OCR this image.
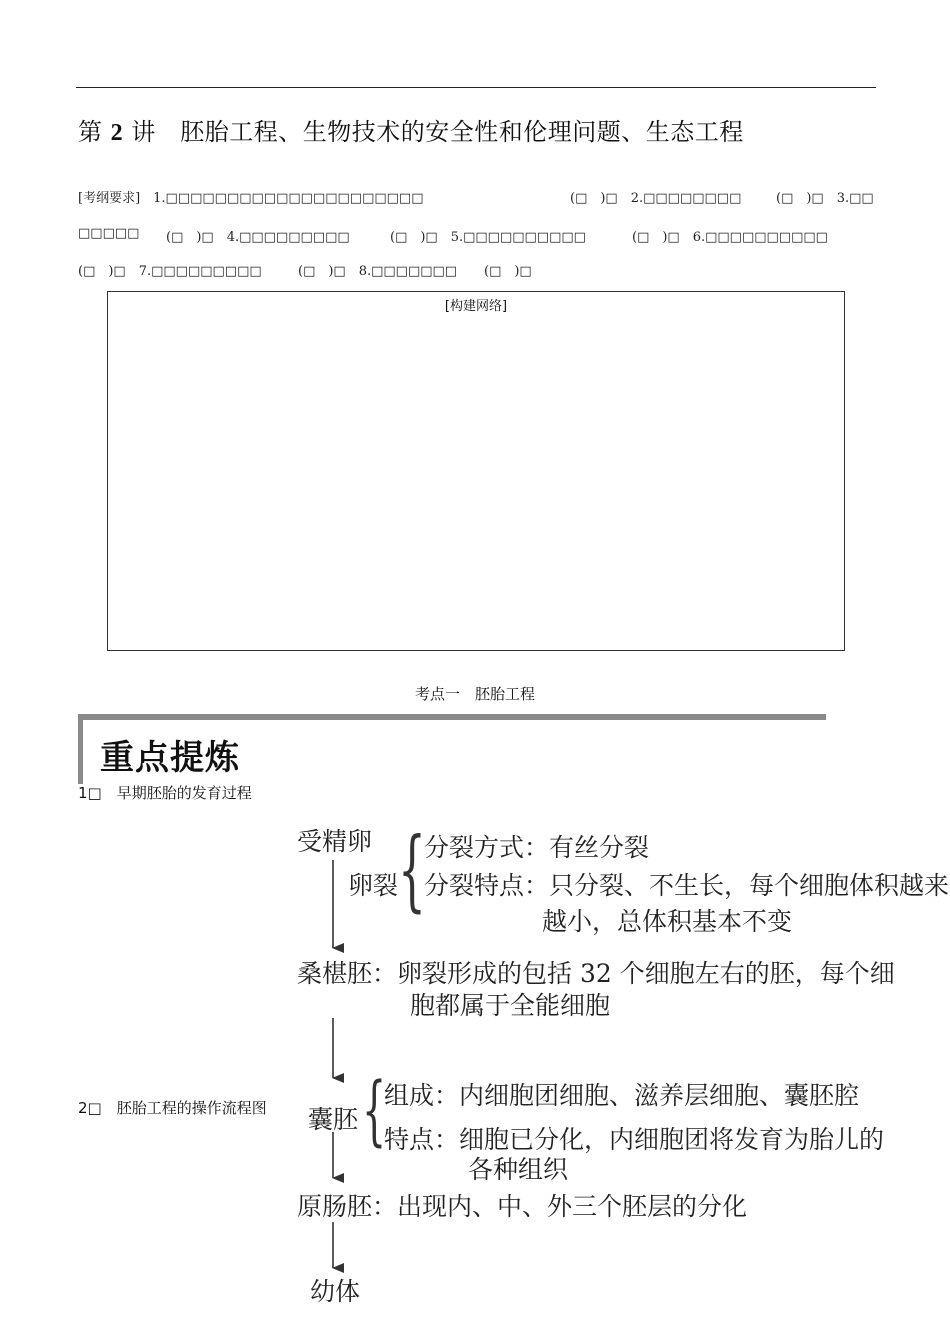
第 2 讲　胚胎工程、生物技术的安全性和伦理问题、生态工程
[考纲要求]　1.□□□□□□□□□□□□□□□□□□□□□	(□　)□　2.□□□□□□□□	(□　)□　3.□□
□□□□□ (□　)□　4.□□□□□□□□□	(□　)□　5.□□□□□□□□□□	(□　)□　6.□□□□□□□□□□
(□　)□　7.□□□□□□□□□	(□　)□　8.□□□□□□□ (□　)□
[构建网络]
考点一　胚胎工程
重点提炼
1□　早期胚胎的发育过程
2□　胚胎工程的操作流程图
受精卵
卵裂 {
分裂方式：有丝分裂
分裂特点：只分裂、不生长，每个细胞体积越来
越小，总体积基本不变
桑椹胚：卵裂形成的包括 32 个细胞左右的胚，每个细
胞都属于全能细胞
囊胚 {
组成：内细胞团细胞、滋养层细胞、囊胚腔
特点：细胞已分化，内细胞团将发育为胎儿的
各种组织
原肠胚：出现内、中、外三个胚层的分化
幼体
